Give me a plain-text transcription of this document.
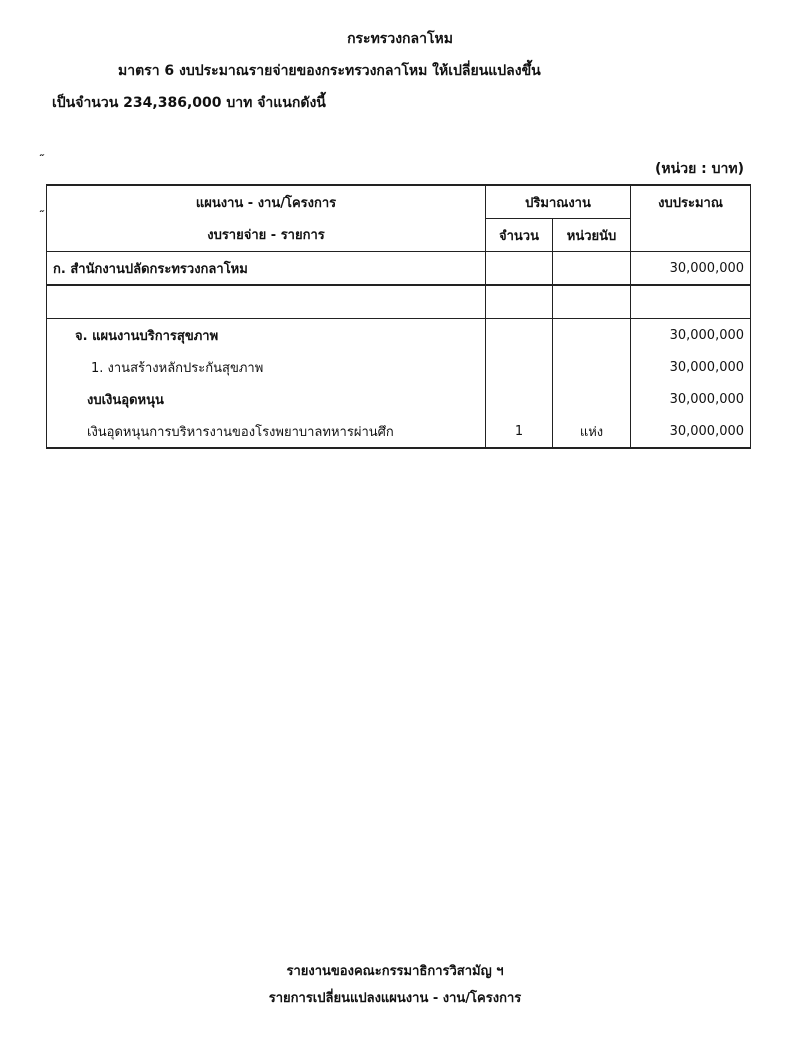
กระทรวงกลาโหม
มาตรา 6 งบประมาณรายจ่ายของกระทรวงกลาโหม ให้เปลี่ยนแปลงขึ้น
เป็นจำนวน 234,386,000 บาท จำแนกดังนี้
˶
˶
(หน่วย : บาท)
แผนงาน - งาน/โครงการ	ปริมาณงาน		งบประมาณ
งบรายจ่าย - รายการ	จำนวน	หน่วยนับ	
ก. สำนักงานปลัดกระทรวงกลาโหม			30,000,000

จ. แผนงานบริการสุขภาพ			30,000,000
1. งานสร้างหลักประกันสุขภาพ			30,000,000
งบเงินอุดหนุน			30,000,000
เงินอุดหนุนการบริหารงานของโรงพยาบาลทหารผ่านศึก	1	แห่ง	30,000,000
รายงานของคณะกรรมาธิการวิสามัญ ฯ
รายการเปลี่ยนแปลงแผนงาน - งาน/โครงการ
